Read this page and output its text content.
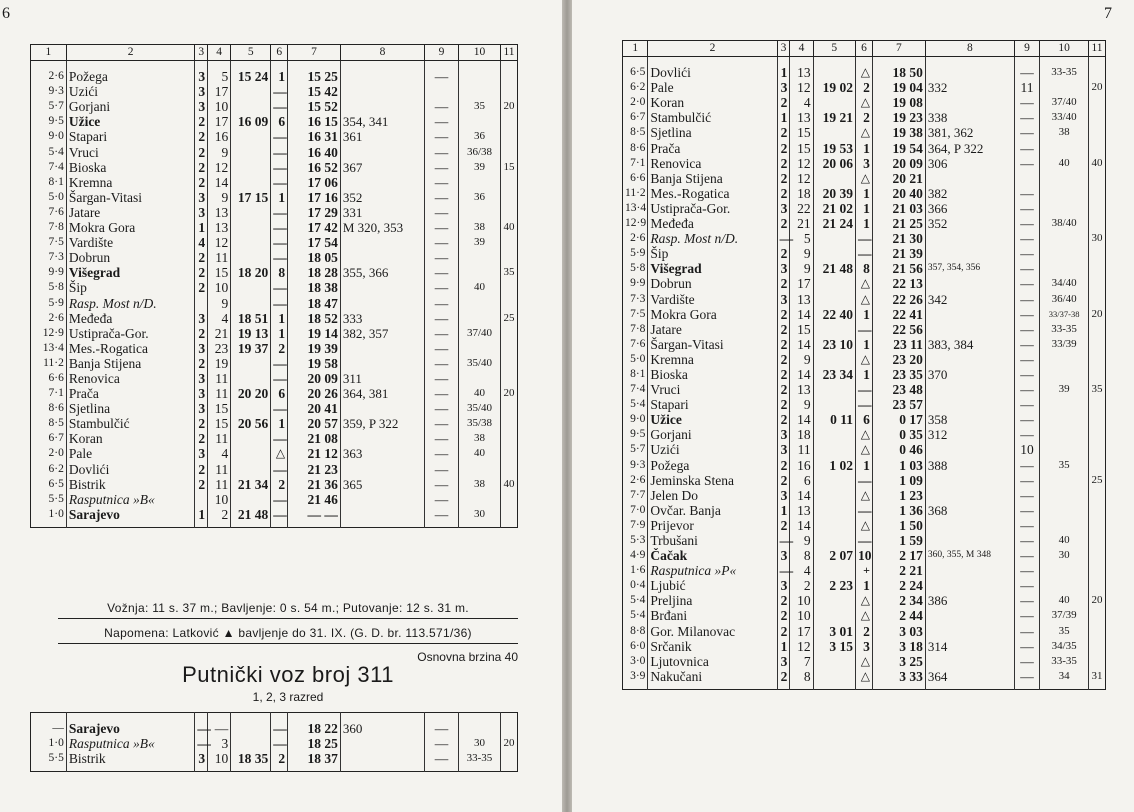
6
1	2	3	4	5	6	7	8	9	10	11
2·6	Požega	3	5	15 24	1	15 25		—		
9·3	Uzići	3	17		—	15 42				
5·7	Gorjani	3	10		—	15 52		—	35	20
9·5	Užice	2	17	16 09	6	16 15	354, 341	—		
9·0	Stapari	2	16		—	16 31	361	—	36	
5·4	Vruci	2	9		—	16 40		—	36/38	
7·4	Bioska	2	12		—	16 52	367	—	39	15
8·1	Kremna	2	14		—	17 06		—		
5·0	Šargan-Vitasi	3	9	17 15	1	17 16	352	—	36	
7·6	Jatare	3	13		—	17 29	331	—		
7·8	Mokra Gora	1	13		—	17 42	M 320, 353	—	38	40
7·5	Vardište	4	12		—	17 54		—	39	
7·3	Dobrun	2	11		—	18 05		—		
9·9	Višegrad	2	15	18 20	8	18 28	355, 366	—		35
5·8	Šip	2	10		—	18 38		—	40	
5·9	Rasp. Most n/D.		9		—	18 47		—		
2·6	Međeđa	3	4	18 51	1	18 52	333	—		25
12·9	Ustiprača-Gor.	2	21	19 13	1	19 14	382, 357	—	37/40	
13·4	Mes.-Rogatica	3	23	19 37	2	19 39		—		
11·2	Banja Stijena	2	19		—	19 58		—	35/40	
6·6	Renovica	3	11		—	20 09	311	—		
7·1	Prača	3	11	20 20	6	20 26	364, 381	—	40	20
8·6	Sjetlina	3	15		—	20 41		—	35/40	
8·5	Stambulčić	2	15	20 56	1	20 57	359, P 322	—	35/38	
6·7	Koran	2	11		—	21 08		—	38	
2·0	Pale	3	4		△	21 12	363	—	40	
6·2	Dovlići	2	11		—	21 23		—		
6·5	Bistrik	2	11	21 34	2	21 36	365	—	38	40
5·5	Rasputnica »B«		10		—	21 46		—		
1·0	Sarajevo	1	2	21 48	—	— —		—	30	
Vožnja: 11 s. 37 m.; Bavljenje: 0 s. 54 m.; Putovanje: 12 s. 31 m.
Napomena: Latković ▲ bavljenje do 31. IX. (G. D. br. 113.571/36)
Osnovna brzina 40
Putnički voz broj 311
1, 2, 3 razred
—	Sarajevo	—	—		—	18 22	360	—		
1·0	Rasputnica »B«	—	3		—	18 25		—	30	20
5·5	Bistrik	3	10	18 35	2	18 37		—	33-35	
7
1	2	3	4	5	6	7	8	9	10	11
6·5	Dovlići	1	13		△	18 50		—	33-35	
6·2	Pale	3	12	19 02	2	19 04	332	11		20
2·0	Koran	2	4		△	19 08		—	37/40	
6·7	Stambulčić	1	13	19 21	2	19 23	338	—	33/40	
8·5	Sjetlina	2	15		△	19 38	381, 362	—	38	
8·6	Prača	2	15	19 53	1	19 54	364, P 322	—		
7·1	Renovica	2	12	20 06	3	20 09	306	—	40	40
6·6	Banja Stijena	2	12		△	20 21				
11·2	Mes.-Rogatica	2	18	20 39	1	20 40	382	—		
13·4	Ustiprača-Gor.	3	22	21 02	1	21 03	366	—		
12·9	Međeđa	2	21	21 24	1	21 25	352	—	38/40	
2·6	Rasp. Most n/D.	—	5		—	21 30		—		30
5·9	Šip	2	9		—	21 39		—		
5·8	Višegrad	3	9	21 48	8	21 56	357, 354, 356	—		
9·9	Dobrun	2	17		△	22 13		—	34/40	
7·3	Vardište	3	13		△	22 26	342	—	36/40	
7·5	Mokra Gora	2	14	22 40	1	22 41		—	33/37-38	20
7·8	Jatare	2	15		—	22 56		—	33-35	
7·6	Šargan-Vitasi	2	14	23 10	1	23 11	383, 384	—	33/39	
5·0	Kremna	2	9		△	23 20		—		
8·1	Bioska	2	14	23 34	1	23 35	370	—		
7·4	Vruci	2	13		—	23 48		—	39	35
5·4	Stapari	2	9		—	23 57		—		
9·0	Užice	2	14	0 11	6	0 17	358	—		
9·5	Gorjani	3	18		△	0 35	312	—		
5·7	Uzići	3	11		△	0 46		10		
9·3	Požega	2	16	1 02	1	1 03	388	—	35	
2·6	Jeminska Stena	2	6		—	1 09		—		25
7·7	Jelen Do	3	14		△	1 23		—		
7·0	Ovčar. Banja	1	13		—	1 36	368	—		
7·9	Prijevor	2	14		△	1 50		—		
5·3	Trbušani	—	9		—	1 59		—	40	
4·9	Čačak	3	8	2 07	10	2 17	360, 355, M 348	—	30	
1·6	Rasputnica »P«	—	4		+	2 21		—		
0·4	Ljubić	3	2	2 23	1	2 24		—		
5·4	Preljina	2	10		△	2 34	386	—	40	20
5·4	Brđani	2	10		△	2 44		—	37/39	
8·8	Gor. Milanovac	2	17	3 01	2	3 03		—	35	
6·0	Srčanik	1	12	3 15	3	3 18	314	—	34/35	
3·0	Ljutovnica	3	7		△	3 25		—	33-35	
3·9	Nakučani	2	8		△	3 33	364	—	34	31
